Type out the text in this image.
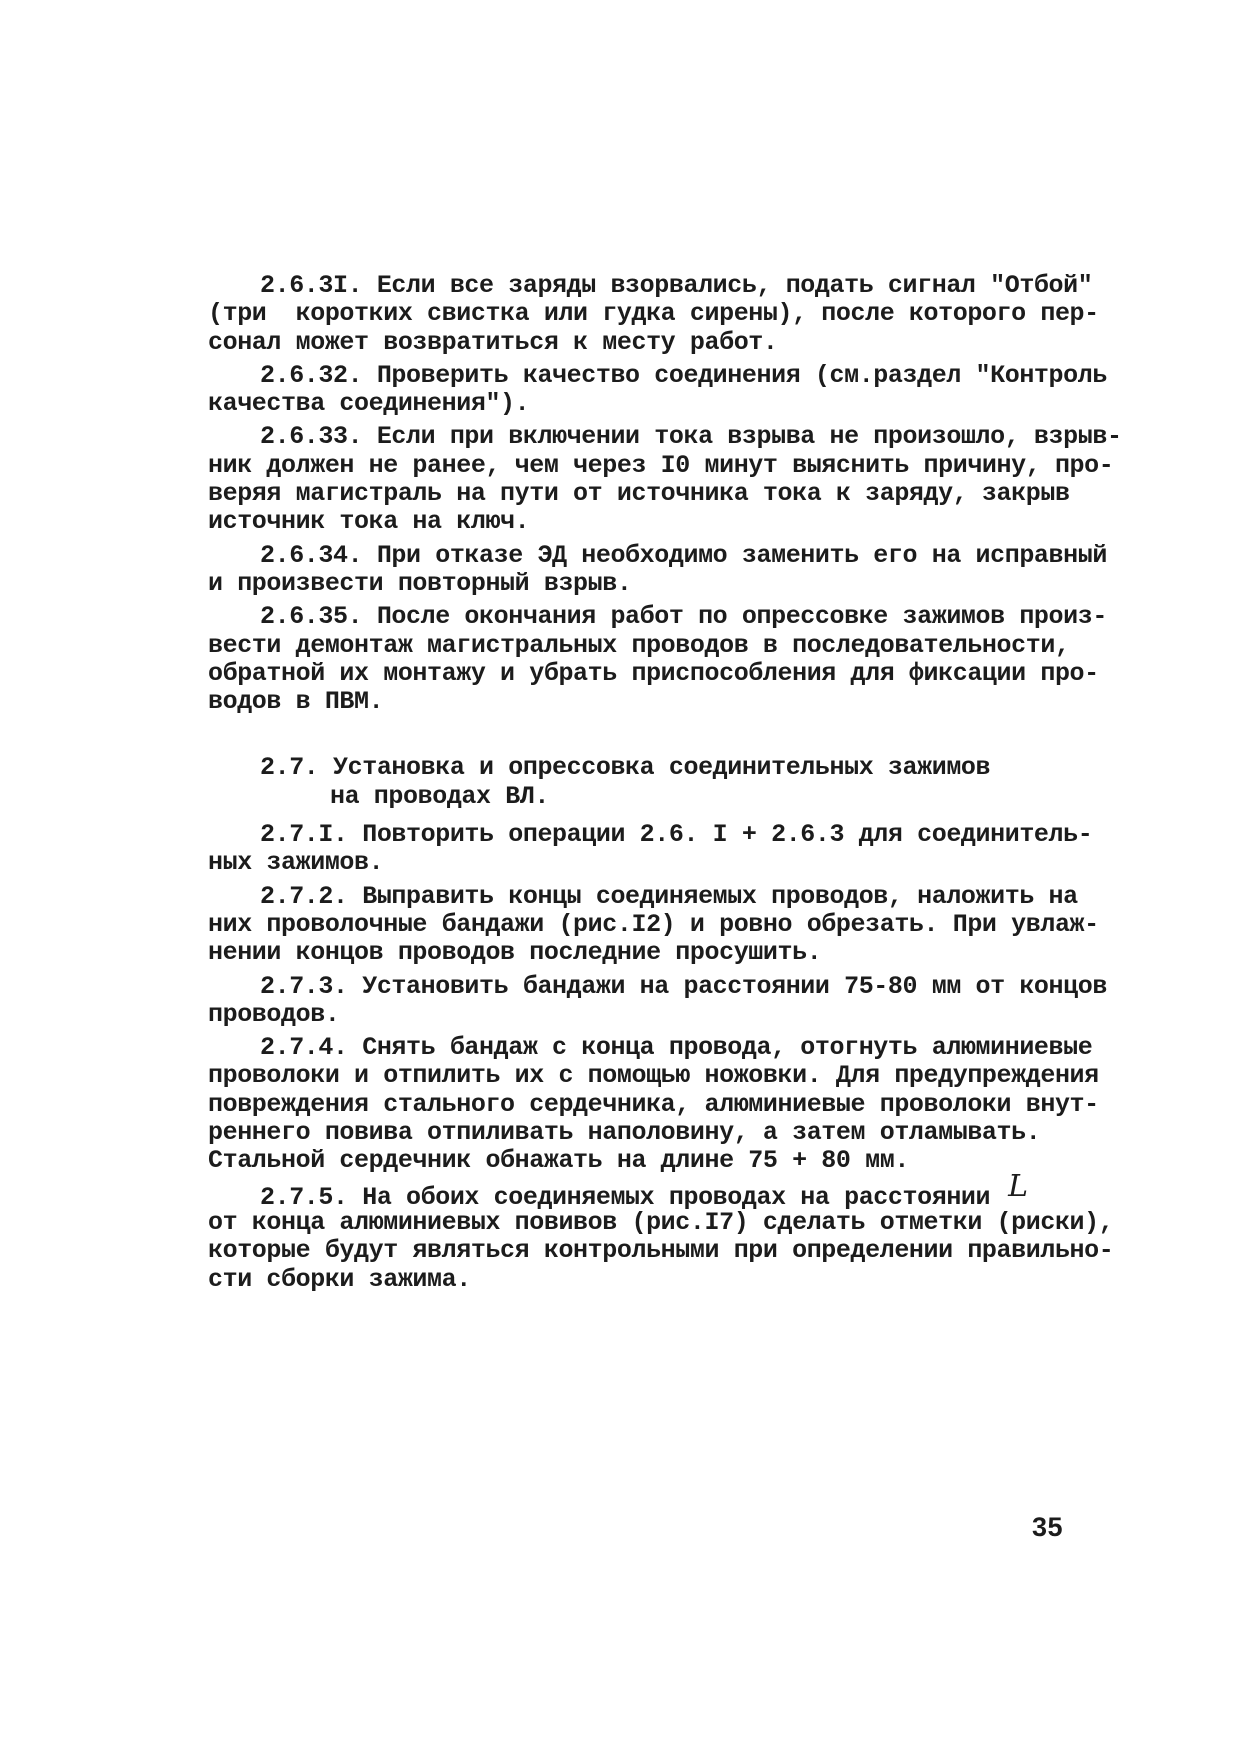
2.6.3I. Если все заряды взорвались, подать сигнал "Отбой"
(три  коротких свистка или гудка сирены), после которого пер-
сонал может возвратиться к месту работ.
2.6.32. Проверить качество соединения (см.раздел "Контроль
качества соединения").
2.6.33. Если при включении тока взрыва не произошло, взрыв-
ник должен не ранее, чем через I0 минут выяснить причину, про-
веряя магистраль на пути от источника тока к заряду, закрыв
источник тока на ключ.
2.6.34. При отказе ЭД необходимо заменить его на исправный
и произвести повторный взрыв.
2.6.35. После окончания работ по опрессовке зажимов произ-
вести демонтаж магистральных проводов в последовательности,
обратной их монтажу и убрать приспособления для фиксации про-
водов в ПВМ.
2.7. Установка и опрессовка соединительных зажимов
на проводах ВЛ.
2.7.I. Повторить операции 2.6. I + 2.6.3 для соединитель-
ных зажимов.
2.7.2. Выправить концы соединяемых проводов, наложить на
них проволочные бандажи (рис.I2) и ровно обрезать. При увлаж-
нении концов проводов последние просушить.
2.7.3. Установить бандажи на расстоянии 75-80 мм от концов
проводов.
2.7.4. Снять бандаж с конца провода, отогнуть алюминиевые
проволоки и отпилить их с помощью ножовки. Для предупреждения
повреждения стального сердечника, алюминиевые проволоки внут-
реннего повива отпиливать наполовину, а затем отламывать.
Стальной сердечник обнажать на длине 75 + 80 мм.
2.7.5. На обоих соединяемых проводах на расстоянии L
от конца алюминиевых повивов (рис.I7) сделать отметки (риски),
которые будут являться контрольными при определении правильно-
сти сборки зажима.
35
